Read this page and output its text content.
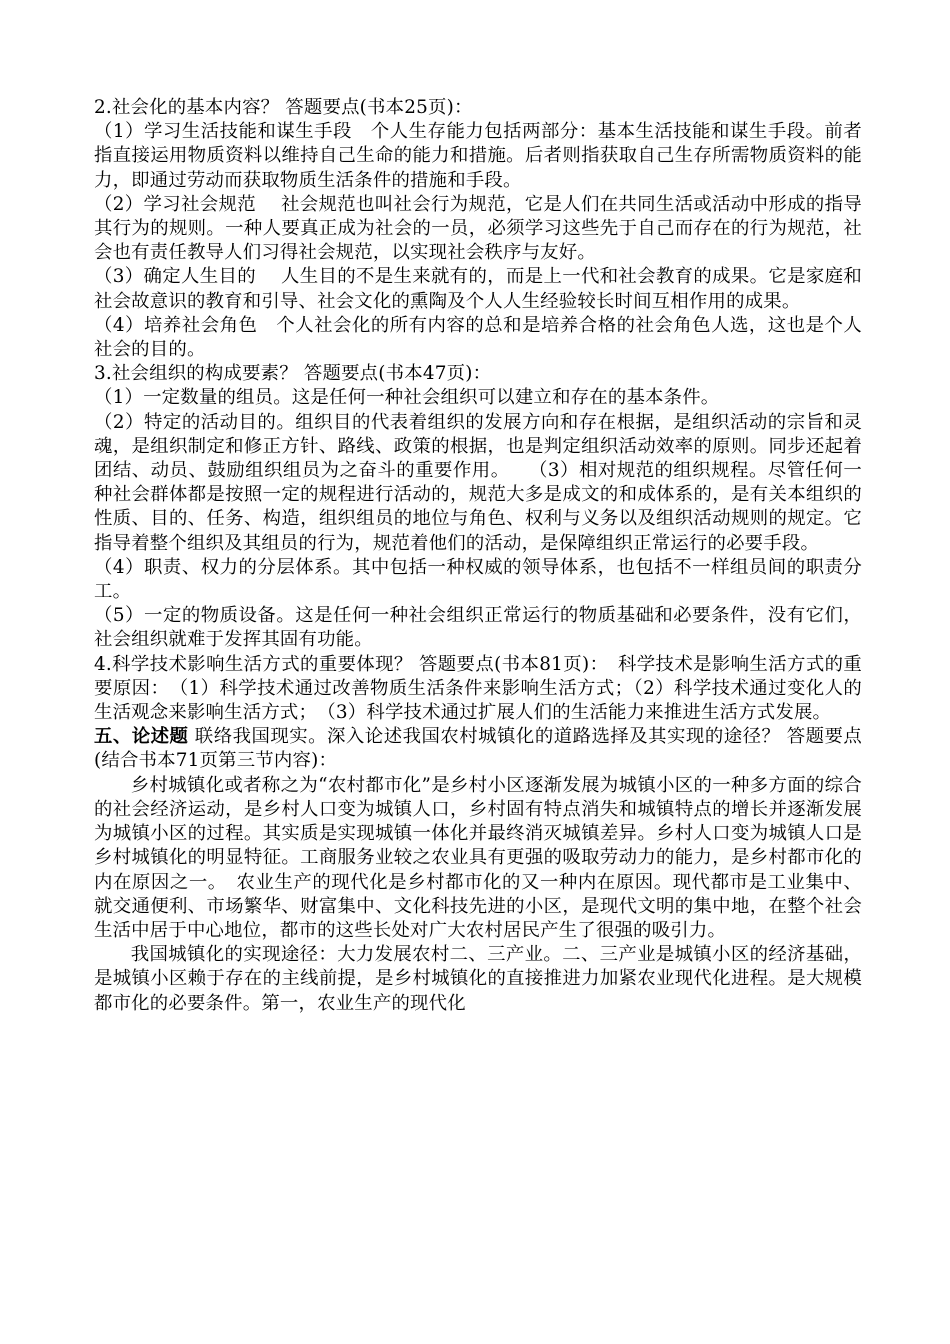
2.社会化的基本内容？ 答题要点(书本25页)：

（1）学习生活技能和谋生手段　个人生存能力包括两部分：基本生活技能和谋生手段。前者指直接运用物质资料以维持自己生命的能力和措施。后者则指获取自己生存所需物质资料的能力，即通过劳动而获取物质生活条件的措施和手段。

（2）学习社会规范　 社会规范也叫社会行为规范，它是人们在共同生活或活动中形成的指导其行为的规则。一种人要真正成为社会的一员，必须学习这些先于自己而存在的行为规范，社会也有责任教导人们习得社会规范，以实现社会秩序与友好。

（3）确定人生目的　 人生目的不是生来就有的，而是上一代和社会教育的成果。它是家庭和社会故意识的教育和引导、社会文化的熏陶及个人人生经验较长时间互相作用的成果。

（4）培养社会角色　个人社会化的所有内容的总和是培养合格的社会角色人选，这也是个人社会的目的。

3.社会组织的构成要素？ 答题要点(书本47页)：

（1）一定数量的组员。这是任何一种社会组织可以建立和存在的基本条件。

（2）特定的活动目的。组织目的代表着组织的发展方向和存在根据，是组织活动的宗旨和灵魂，是组织制定和修正方针、路线、政策的根据，也是判定组织活动效率的原则。同步还起着团结、动员、鼓励组织组员为之奋斗的重要作用。　　（3）相对规范的组织规程。尽管任何一种社会群体都是按照一定的规程进行活动的，规范大多是成文的和成体系的，是有关本组织的性质、目的、任务、构造，组织组员的地位与角色、权利与义务以及组织活动规则的规定。它指导着整个组织及其组员的行为，规范着他们的活动，是保障组织正常运行的必要手段。

（4）职责、权力的分层体系。其中包括一种权威的领导体系，也包括不一样组员间的职责分工。

（5）一定的物质设备。这是任何一种社会组织正常运行的物质基础和必要条件，没有它们，社会组织就难于发挥其固有功能。

4.科学技术影响生活方式的重要体现？ 答题要点(书本81页)：　科学技术是影响生活方式的重要原因：　（1）科学技术通过改善物质生活条件来影响生活方式；（2）科学技术通过变化人的生活观念来影响生活方式；　（3）科学技术通过扩展人们的生活能力来推进生活方式发展。

五、论述题 联络我国现实。深入论述我国农村城镇化的道路选择及其实现的途径？ 答题要点(结合书本71页第三节内容)：

乡村城镇化或者称之为“农村都市化”是乡村小区逐渐发展为城镇小区的一种多方面的综合的社会经济运动，是乡村人口变为城镇人口，乡村固有特点消失和城镇特点的增长并逐渐发展为城镇小区的过程。其实质是实现城镇一体化并最终消灭城镇差异。乡村人口变为城镇人口是乡村城镇化的明显特征。工商服务业较之农业具有更强的吸取劳动力的能力，是乡村都市化的内在原因之一。　农业生产的现代化是乡村都市化的又一种内在原因。现代都市是工业集中、就交通便利、市场繁华、财富集中、文化科技先进的小区，是现代文明的集中地，在整个社会生活中居于中心地位，都市的这些长处对广大农村居民产生了很强的吸引力。

我国城镇化的实现途径：大力发展农村二、三产业。二、三产业是城镇小区的经济基础，是城镇小区赖于存在的主线前提，是乡村城镇化的直接推进力加紧农业现代化进程。是大规模都市化的必要条件。第一，农业生产的现代化
